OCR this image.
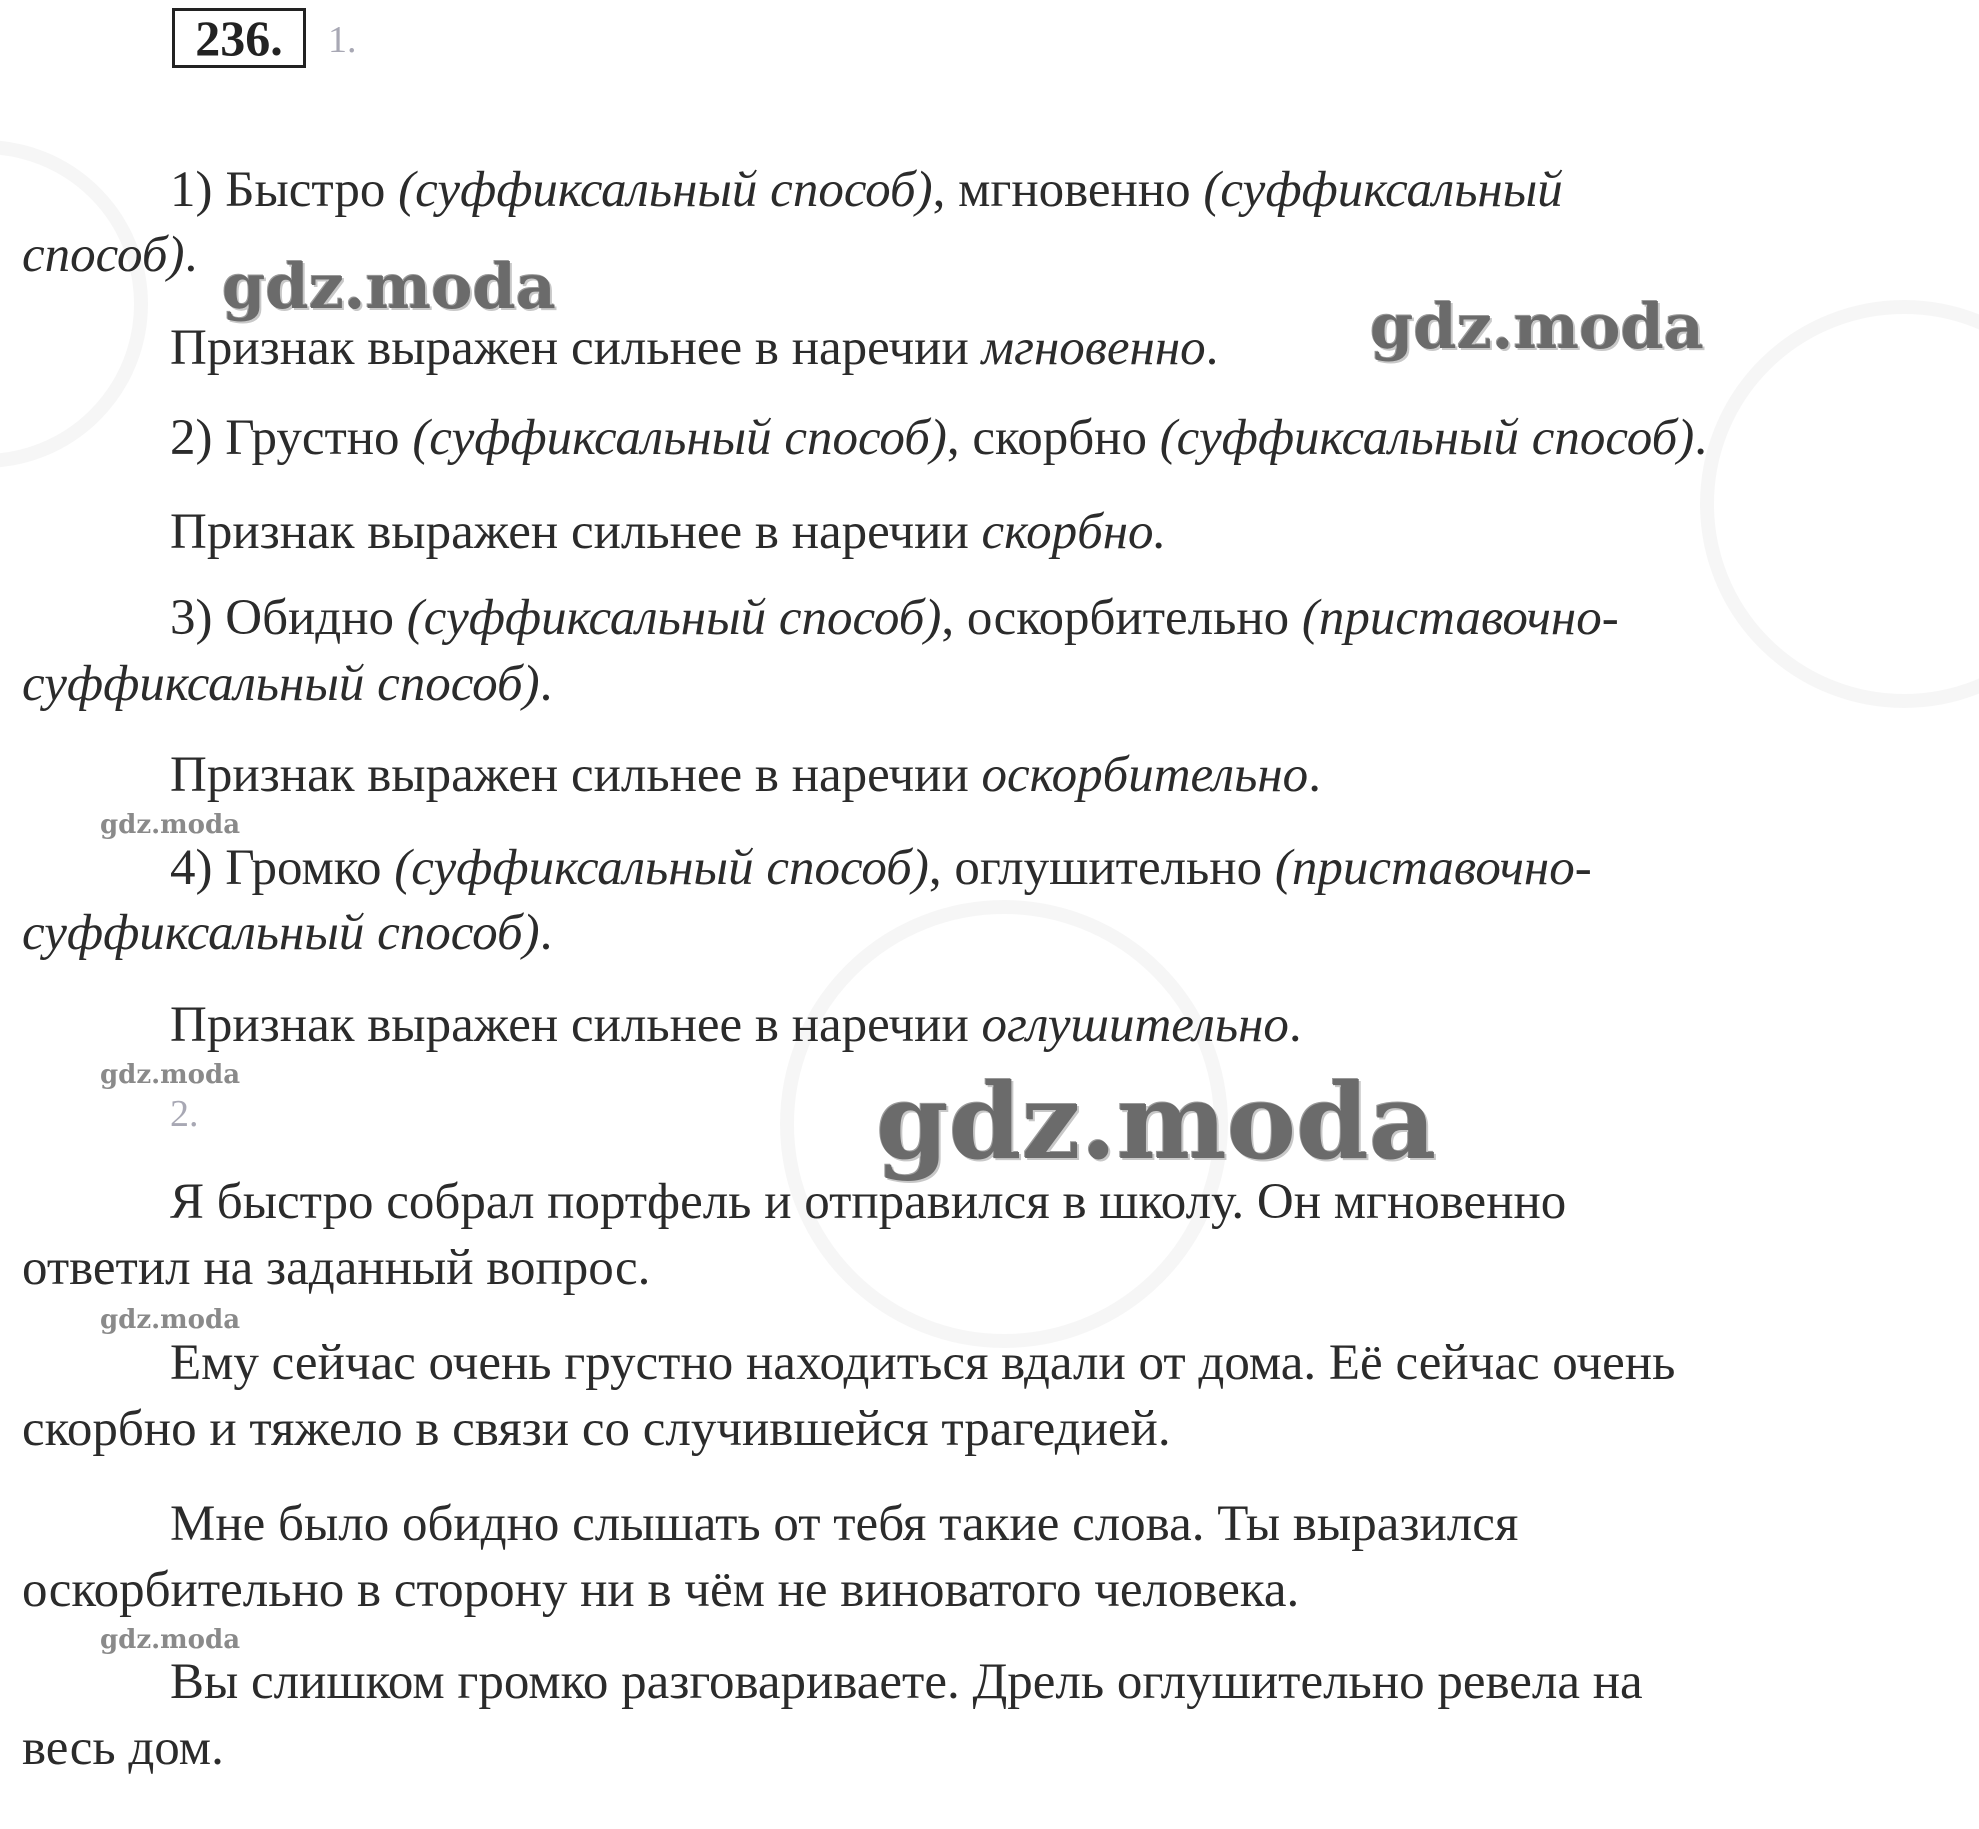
236.	1.

1) Быстро (суффиксальный способ), мгновенно (суффиксальный

способ).

Признак выражен сильнее в наречии мгновенно.

2) Грустно (суффиксальный способ), скорбно (суффиксальный способ).

Признак выражен сильнее в наречии скорбно.

3) Обидно (суффиксальный способ), оскорбительно (приставочно-

суффиксальный способ).

Признак выражен сильнее в наречии оскорбительно.

4) Громко (суффиксальный способ), оглушительно (приставочно-

суффиксальный способ).

Признак выражен сильнее в наречии оглушительно.

2.

Я быстро собрал портфель и отправился в школу. Он мгновенно

ответил на заданный вопрос.

Ему сейчас очень грустно находиться вдали от дома. Её сейчас очень

скорбно и тяжело в связи со случившейся трагедией.

Мне было обидно слышать от тебя такие слова. Ты выразился

оскорбительно в сторону ни в чём не виноватого человека.

Вы слишком громко разговариваете. Дрель оглушительно ревела на

весь дом.

gdz.moda
gdz.moda
gdz.moda
gdz.moda
gdz.moda
gdz.moda
gdz.moda
